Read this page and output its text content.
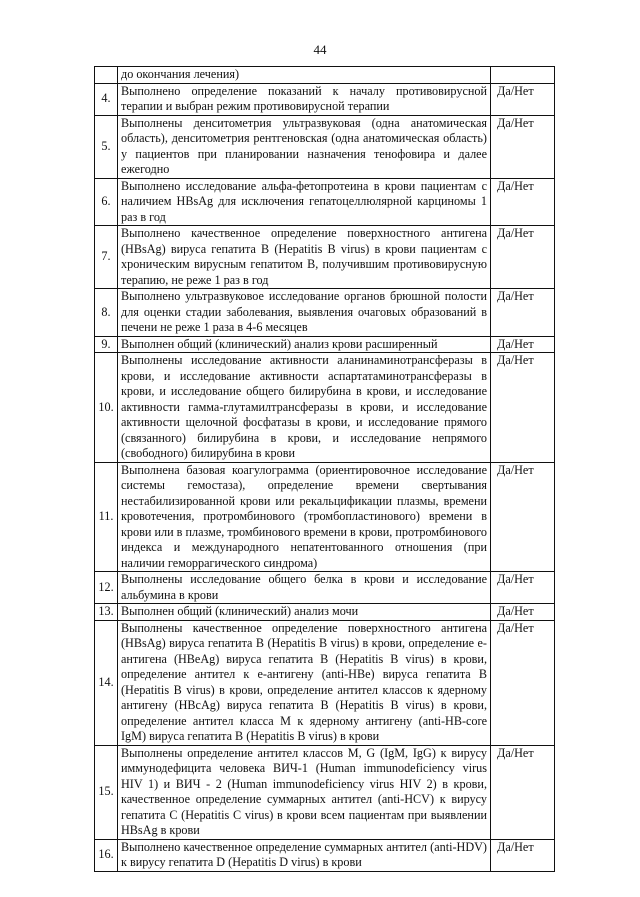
44
	до окончания лечения)	
4.	Выполнено определение показаний к началу противовирусной терапии и выбран режим противовирусной терапии	Да/Нет
5.	Выполнены денситометрия ультразвуковая (одна анатомическая область), денситометрия рентгеновская (одна анатомическая область) у пациентов при планировании назначения тенофовира и далее ежегодно	Да/Нет
6.	Выполнено исследование альфа-фетопротеина в крови пациентам с наличием HBsAg для исключения гепатоцеллюлярной карциномы 1 раз в год	Да/Нет
7.	Выполнено качественное определение поверхностного антигена (HBsAg) вируса гепатита В (Hepatitis В virus) в крови пациентам с хроническим вирусным гепатитом В, получившим противовирусную терапию, не реже 1 раз в год	Да/Нет
8.	Выполнено ультразвуковое исследование органов брюшной полости для оценки стадии заболевания, выявления очаговых образований в печени не реже 1 раза в 4-6 месяцев	Да/Нет
9.	Выполнен общий (клинический) анализ крови расширенный	Да/Нет
10.	Выполнены исследование активности аланинаминотрансферазы в крови, и исследование активности аспартатаминотрансферазы в крови, и исследование общего билирубина в крови, и исследование активности гамма-глутамилтрансферазы в крови, и исследование активности щелочной фосфатазы в крови, и исследование прямого (связанного) билирубина в крови, и исследование непрямого (свободного) билирубина в крови	Да/Нет
11.	Выполнена базовая коагулограмма (ориентировочное исследование системы гемостаза), определение времени свертывания нестабилизированной крови или рекальцификации плазмы, времени кровотечения, протромбинового (тромбопластинового) времени в крови или в плазме, тромбинового времени в крови, протромбинового индекса и международного непатентованного отношения (при наличии геморрагического синдрома)	Да/Нет
12.	Выполнены исследование общего белка в крови и исследование альбумина в крови	Да/Нет
13.	Выполнен общий (клинический) анализ мочи	Да/Нет
14.	Выполнены качественное определение поверхностного антигена (HBsAg) вируса гепатита В (Hepatitis В virus) в крови, определение е-антигена (HBeAg) вируса гепатита В (Hepatitis В virus) в крови, определение антител к е-антигену (anti-HBe) вируса гепатита В (Hepatitis В virus) в крови, определение антител классов к ядерному антигену (HBcAg) вируса гепатита В (Hepatitis В virus) в крови, определение антител класса М к ядерному антигену (anti-HB-core IgM) вируса гепатита В (Hepatitis В virus) в крови	Да/Нет
15.	Выполнены определение антител классов М, G (IgM, IgG) к вирусу иммунодефицита человека ВИЧ-1 (Human immunodeficiency virus HIV 1) и ВИЧ - 2 (Human immunodeficiency virus HIV 2) в крови, качественное определение суммарных антител (anti-HCV) к вирусу гепатита С (Hepatitis С virus) в крови всем пациентам при выявлении HBsAg в крови	Да/Нет
16.	Выполнено качественное определение суммарных антител (anti-HDV) к вирусу гепатита D (Hepatitis D virus) в крови	Да/Нет
